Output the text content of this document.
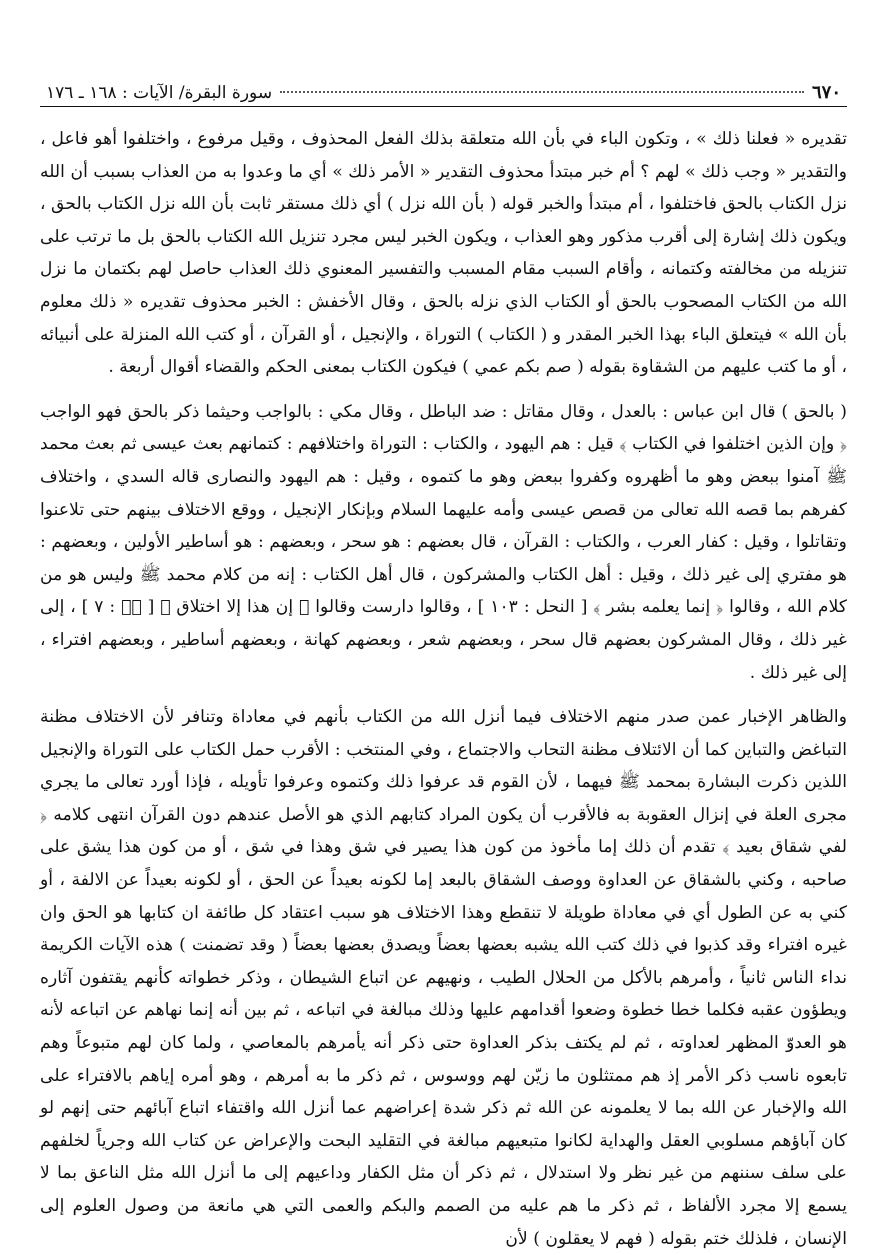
٦٧٠
سورة البقرة/ الآيات : ١٦٨ ـ ١٧٦

تقديره « فعلنا ذلك » ، وتكون الباء في بأن الله متعلقة بذلك الفعل المحذوف ، وقيل مرفوع ، واختلفوا أهو فاعل ، والتقدير « وجب ذلك » لهم ؟ أم خبر مبتدأ محذوف التقدير « الأمر ذلك » أي ما وعدوا به من العذاب بسبب أن الله نزل الكتاب بالحق فاختلفوا ، أم مبتدأ والخبر قوله ( بأن الله نزل ) أي ذلك مستقر ثابت بأن الله نزل الكتاب بالحق ، ويكون ذلك إشارة إلى أقرب مذكور وهو العذاب ، ويكون الخبر ليس مجرد تنزيل الله الكتاب بالحق بل ما ترتب على تنزيله من مخالفته وكتمانه ، وأقام السبب مقام المسبب والتفسير المعنوي ذلك العذاب حاصل لهم بكتمان ما نزل الله من الكتاب المصحوب بالحق أو الكتاب الذي نزله بالحق ، وقال الأخفش : الخبر محذوف تقديره « ذلك معلوم بأن الله » فيتعلق الباء بهذا الخبر المقدر و ( الكتاب ) التوراة ، والإنجيل ، أو القرآن ، أو كتب الله المنزلة على أنبيائه ، أو ما كتب عليهم من الشقاوة بقوله ( صم بكم عمي ) فيكون الكتاب بمعنى الحكم والقضاء أقوال أربعة .

( بالحق ) قال ابن عباس : بالعدل ، وقال مقاتل : ضد الباطل ، وقال مكي : بالواجب وحيثما ذكر بالحق فهو الواجب ﴿ وإن الذين اختلفوا في الكتاب ﴾ قيل : هم اليهود ، والكتاب : التوراة واختلافهم : كتمانهم بعث عيسى ثم بعث محمد ﷺ آمنوا ببعض وهو ما أظهروه وكفروا ببعض وهو ما كتموه ، وقيل : هم اليهود والنصارى قاله السدي ، واختلاف كفرهم بما قصه الله تعالى من قصص عيسى وأمه عليهما السلام وبإنكار الإنجيل ، ووقع الاختلاف بينهم حتى تلاعنوا وتقاتلوا ، وقيل : كفار العرب ، والكتاب : القرآن ، قال بعضهم : هو سحر ، وبعضهم : هو أساطير الأولين ، وبعضهم : هو مفتري إلى غير ذلك ، وقيل : أهل الكتاب والمشركون ، قال أهل الكتاب : إنه من كلام محمد ﷺ وليس هو من كلام الله ، وقالوا ﴿ إنما يعلمه بشر ﴾ [ النحل : ١٠٣ ] ، وقالوا دارست وقالوا ﴿ إن هذا إلا اختلاق ﴾ [ صۤ : ٧ ] ، إلى غير ذلك ، وقال المشركون بعضهم قال سحر ، وبعضهم شعر ، وبعضهم كهانة ، وبعضهم أساطير ، وبعضهم افتراء ، إلى غير ذلك .

والظاهر الإخبار عمن صدر منهم الاختلاف فيما أنزل الله من الكتاب بأنهم في معاداة وتنافر لأن الاختلاف مظنة التباغض والتباين كما أن الائتلاف مظنة التحاب والاجتماع ، وفي المنتخب : الأقرب حمل الكتاب على التوراة والإنجيل اللذين ذكرت البشارة بمحمد ﷺ فيهما ، لأن القوم قد عرفوا ذلك وكتموه وعرفوا تأويله ، فإذا أورد تعالى ما يجري مجرى العلة في إنزال العقوبة به فالأقرب أن يكون المراد كتابهم الذي هو الأصل عندهم دون القرآن انتهى كلامه ﴿ لفي شقاق بعيد ﴾ تقدم أن ذلك إما مأخوذ من كون هذا يصير في شق وهذا في شق ، أو من كون هذا يشق على صاحبه ، وكني بالشقاق عن العداوة ووصف الشقاق بالبعد إما لكونه بعيداً عن الحق ، أو لكونه بعيداً عن الالفة ، أو كني به عن الطول أي في معاداة طويلة لا تنقطع وهذا الاختلاف هو سبب اعتقاد كل طائفة ان كتابها هو الحق وان غيره افتراء وقد كذبوا في ذلك كتب الله يشبه بعضها بعضاً ويصدق بعضها بعضاً ( وقد تضمنت ) هذه الآيات الكريمة نداء الناس ثانياً ، وأمرهم بالأكل من الحلال الطيب ، ونهيهم عن اتباع الشيطان ، وذكر خطواته كأنهم يقتفون آثاره ويطؤون عقبه فكلما خطا خطوة وضعوا أقدامهم عليها وذلك مبالغة في اتباعه ، ثم بين أنه إنما نهاهم عن اتباعه لأنه هو العدوّ المظهر لعداوته ، ثم لم يكتف بذكر العداوة حتى ذكر أنه يأمرهم بالمعاصي ، ولما كان لهم متبوعاً وهم تابعوه ناسب ذكر الأمر إذ هم ممتثلون ما زيّن لهم ووسوس ، ثم ذكر ما به أمرهم ، وهو أمره إياهم بالافتراء على الله والإخبار عن الله بما لا يعلمونه عن الله ثم ذكر شدة إعراضهم عما أنزل الله واقتفاء اتباع آبائهم حتى إنهم لو كان آباؤهم مسلوبي العقل والهداية لكانوا متبعيهم مبالغة في التقليد البحت والإعراض عن كتاب الله وجرياً لخلفهم على سلف سننهم من غير نظر ولا استدلال ، ثم ذكر أن مثل الكفار وداعيهم إلى ما أنزل الله مثل الناعق بما لا يسمع إلا مجرد الألفاظ ، ثم ذكر ما هم عليه من الصمم والبكم والعمى التي هي مانعة من وصول العلوم إلى الإنسان ، فلذلك ختم بقوله ( فهم لا يعقلون ) لأن
